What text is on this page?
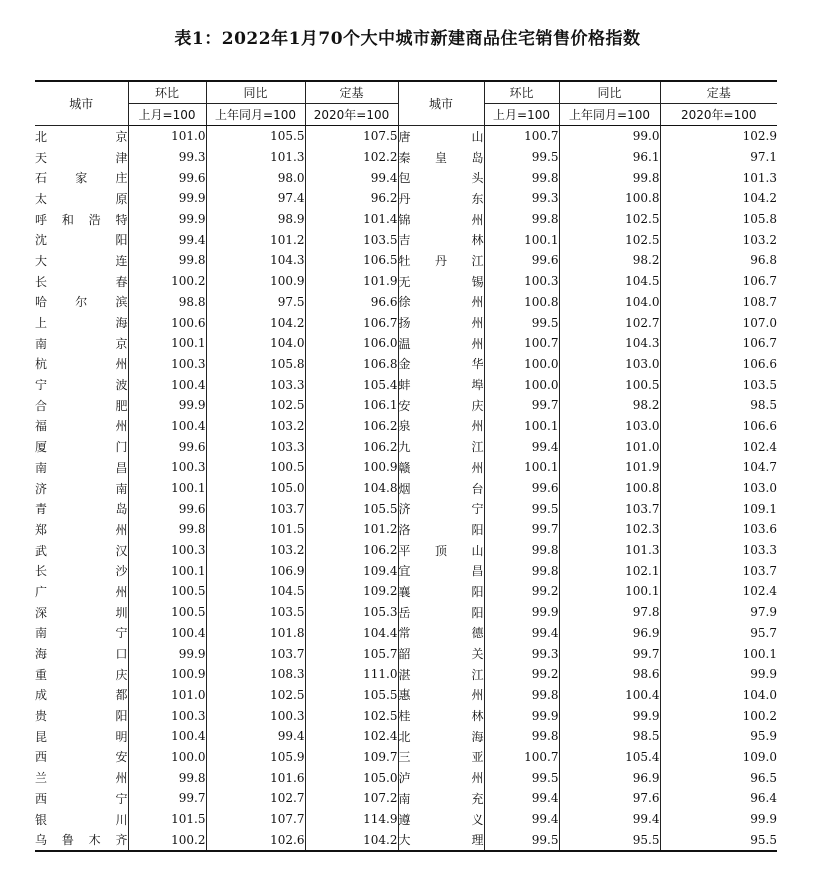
表1：2022年1月70个大中城市新建商品住宅销售价格指数
城市	环比	同比	定基	城市	环比	同比	定基
	上月=100	上年同月=100	2020年=100		上月=100	上年同月=100	2020年=100
北京	101.0	105.5	107.5	唐山	100.7	99.0	102.9
天津	99.3	101.3	102.2	秦皇岛	99.5	96.1	97.1
石家庄	99.6	98.0	99.4	包头	99.8	99.8	101.3
太原	99.9	97.4	96.2	丹东	99.3	100.8	104.2
呼和浩特	99.9	98.9	101.4	锦州	99.8	102.5	105.8
沈阳	99.4	101.2	103.5	吉林	100.1	102.5	103.2
大连	99.8	104.3	106.5	牡丹江	99.6	98.2	96.8
长春	100.2	100.9	101.9	无锡	100.3	104.5	106.7
哈尔滨	98.8	97.5	96.6	徐州	100.8	104.0	108.7
上海	100.6	104.2	106.7	扬州	99.5	102.7	107.0
南京	100.1	104.0	106.0	温州	100.7	104.3	106.7
杭州	100.3	105.8	106.8	金华	100.0	103.0	106.6
宁波	100.4	103.3	105.4	蚌埠	100.0	100.5	103.5
合肥	99.9	102.5	106.1	安庆	99.7	98.2	98.5
福州	100.4	103.2	106.2	泉州	100.1	103.0	106.6
厦门	99.6	103.3	106.2	九江	99.4	101.0	102.4
南昌	100.3	100.5	100.9	赣州	100.1	101.9	104.7
济南	100.1	105.0	104.8	烟台	99.6	100.8	103.0
青岛	99.6	103.7	105.5	济宁	99.5	103.7	109.1
郑州	99.8	101.5	101.2	洛阳	99.7	102.3	103.6
武汉	100.3	103.2	106.2	平顶山	99.8	101.3	103.3
长沙	100.1	106.9	109.4	宜昌	99.8	102.1	103.7
广州	100.5	104.5	109.2	襄阳	99.2	100.1	102.4
深圳	100.5	103.5	105.3	岳阳	99.9	97.8	97.9
南宁	100.4	101.8	104.4	常德	99.4	96.9	95.7
海口	99.9	103.7	105.7	韶关	99.3	99.7	100.1
重庆	100.9	108.3	111.0	湛江	99.2	98.6	99.9
成都	101.0	102.5	105.5	惠州	99.8	100.4	104.0
贵阳	100.3	100.3	102.5	桂林	99.9	99.9	100.2
昆明	100.4	99.4	102.4	北海	99.8	98.5	95.9
西安	100.0	105.9	109.7	三亚	100.7	105.4	109.0
兰州	99.8	101.6	105.0	泸州	99.5	96.9	96.5
西宁	99.7	102.7	107.2	南充	99.4	97.6	96.4
银川	101.5	107.7	114.9	遵义	99.4	99.4	99.9
乌鲁木齐	100.2	102.6	104.2	大理	99.5	95.5	95.5
